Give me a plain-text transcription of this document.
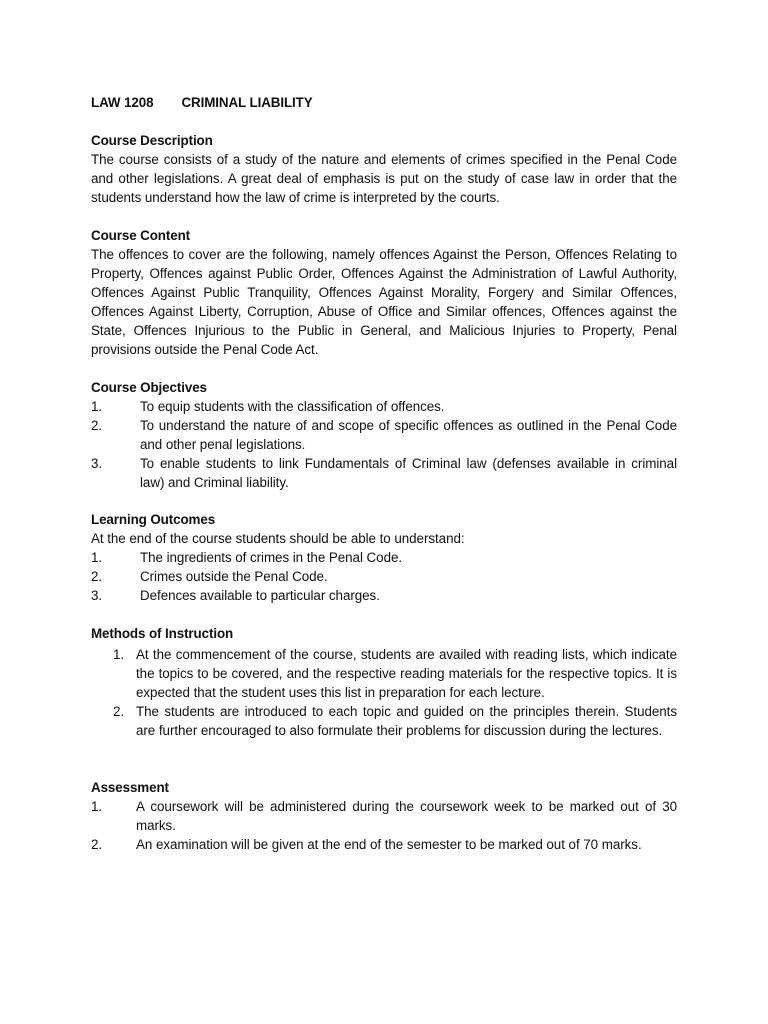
LAW 1208 CRIMINAL LIABILITY
Course Description
The course consists of a study of the nature and elements of crimes specified in the Penal Code and other legislations. A great deal of emphasis is put on the study of case law in order that the students understand how the law of crime is interpreted by the courts.
Course Content
The offences to cover are the following, namely offences Against the Person, Offences Relating to Property, Offences against Public Order, Offences Against the Administration of Lawful Authority, Offences Against Public Tranquility, Offences Against Morality, Forgery and Similar Offences, Offences Against Liberty, Corruption, Abuse of Office and Similar offences, Offences against the State, Offences Injurious to the Public in General, and Malicious Injuries to Property, Penal provisions outside the Penal Code Act.
Course Objectives
1.	To equip students with the classification of offences.
2.	To understand the nature of and scope of specific offences as outlined in the Penal Code and other penal legislations.
3.	To enable students to link Fundamentals of Criminal law (defenses available in criminal law) and Criminal liability.
Learning Outcomes
At the end of the course students should be able to understand:
1.	The ingredients of crimes in the Penal Code.
2.	Crimes outside the Penal Code.
3.	Defences available to particular charges.
Methods of Instruction
1. At the commencement of the course, students are availed with reading lists, which indicate the topics to be covered, and the respective reading materials for the respective topics. It is expected that the student uses this list in preparation for each lecture.
2. The students are introduced to each topic and guided on the principles therein. Students are further encouraged to also formulate their problems for discussion during the lectures.
Assessment
1.	A coursework will be administered during the coursework week to be marked out of 30 marks.
2.	An examination will be given at the end of the semester to be marked out of 70 marks.
